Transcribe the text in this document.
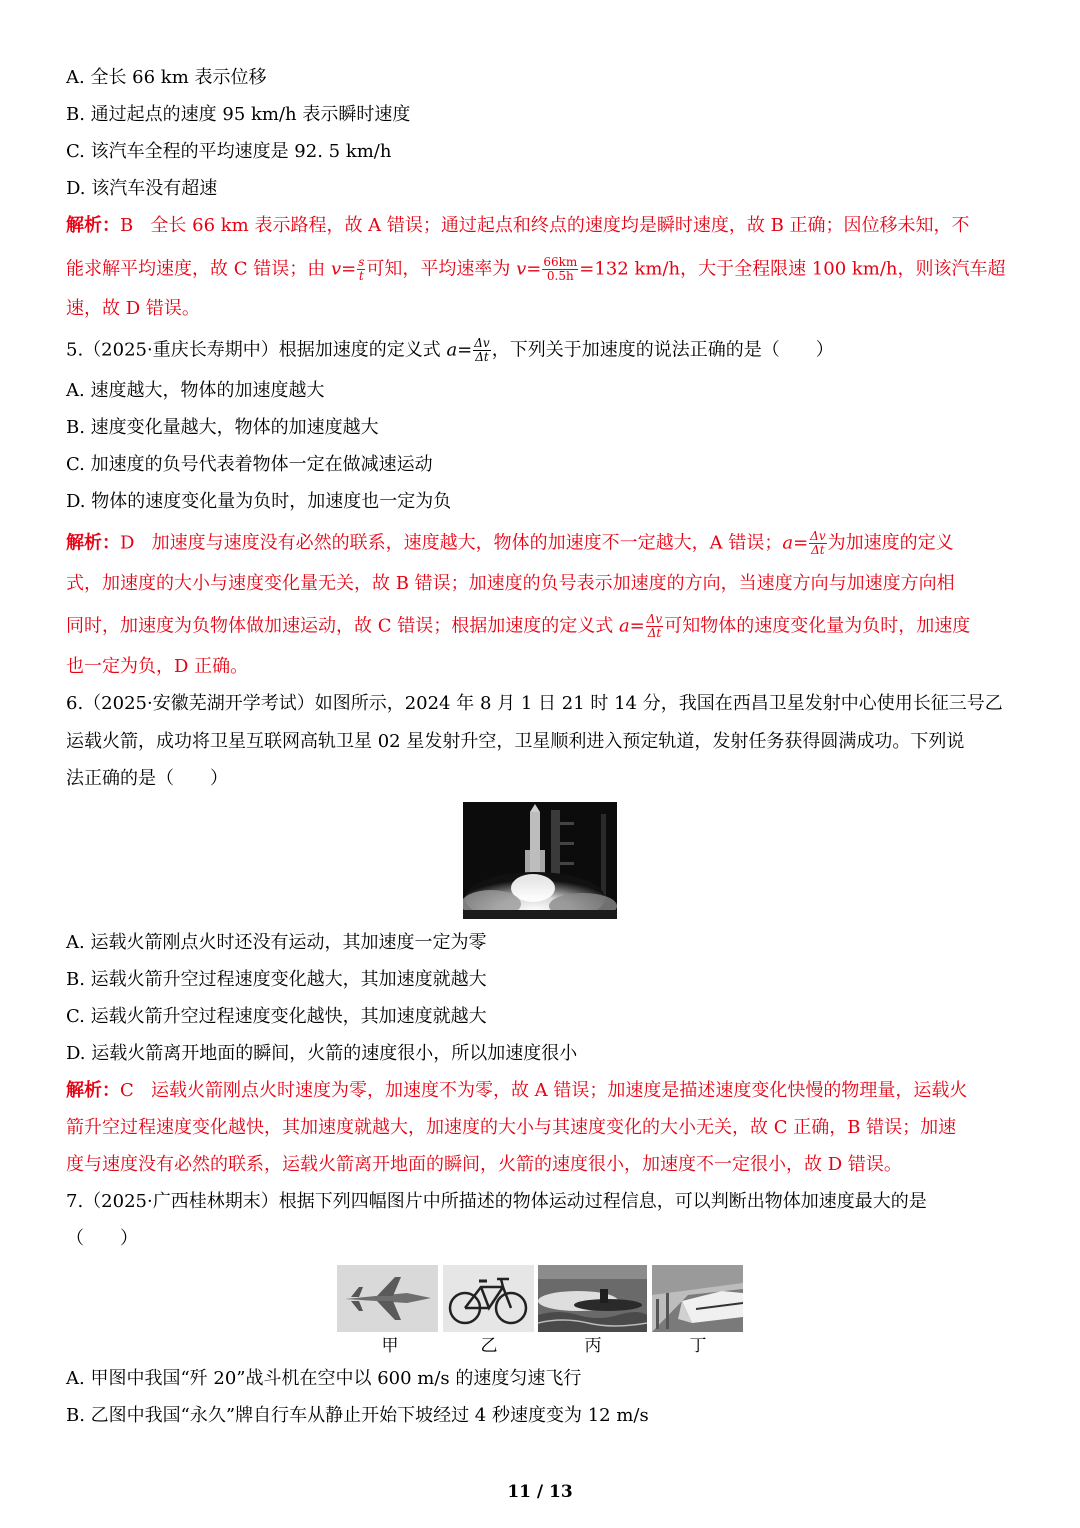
A. 全长 66 km 表示位移
B. 通过起点的速度 95 km/h 表示瞬时速度
C. 该汽车全程的平均速度是 92. 5 km/h
D. 该汽车没有超速
解析：B 全长 66 km 表示路程，故 A 错误；通过起点和终点的速度均是瞬时速度，故 B 正确；因位移未知，不
能求解平均速度，故 C 错误；由 $v= \frac{s}{t}$ 可知，平均速率为 $v= \frac{66km}{0.5h} =132$ km/h，大于全程限速 100 km/h，则该汽车超
速，故 D 错误。
5.（2025·重庆长寿期中）根据加速度的定义式 $a= \frac{\Delta v}{\Delta t}$ ，下列关于加速度的说法正确的是（　　）
A. 速度越大，物体的加速度越大
B. 速度变化量越大，物体的加速度越大
C. 加速度的负号代表着物体一定在做减速运动
D. 物体的速度变化量为负时，加速度也一定为负
解析：D 加速度与速度没有必然的联系，速度越大，物体的加速度不一定越大，A 错误；$a= \frac{\Delta v}{\Delta t}$ 为加速度的定义
式，加速度的大小与速度变化量无关，故 B 错误；加速度的负号表示加速度的方向，当速度方向与加速度方向相
同时，加速度为负物体做加速运动，故 C 错误；根据加速度的定义式 $a= \frac{\Delta v}{\Delta t}$ 可知物体的速度变化量为负时，加速度
也一定为负，D 正确。
6.（2025·安徽芜湖开学考试）如图所示，2024 年 8 月 1 日 21 时 14 分，我国在西昌卫星发射中心使用长征三号乙
运载火箭，成功将卫星互联网高轨卫星 02 星发射升空，卫星顺利进入预定轨道，发射任务获得圆满成功。下列说
法正确的是（　　）
A. 运载火箭刚点火时还没有运动，其加速度一定为零
B. 运载火箭升空过程速度变化越大，其加速度就越大
C. 运载火箭升空过程速度变化越快，其加速度就越大
D. 运载火箭离开地面的瞬间，火箭的速度很小，所以加速度很小
解析：C 运载火箭刚点火时速度为零，加速度不为零，故 A 错误；加速度是描述速度变化快慢的物理量，运载火
箭升空过程速度变化越快，其加速度就越大，加速度的大小与其速度变化的大小无关，故 C 正确，B 错误；加速
度与速度没有必然的联系，运载火箭离开地面的瞬间，火箭的速度很小，加速度不一定很小，故 D 错误。
7.（2025·广西桂林期末）根据下列四幅图片中所描述的物体运动过程信息，可以判断出物体加速度最大的是
（　　）
甲	乙	丙	丁
A. 甲图中我国“歼 20”战斗机在空中以 600 m/s 的速度匀速飞行
B. 乙图中我国“永久”牌自行车从静止开始下坡经过 4 秒速度变为 12 m/s
11 / 13
